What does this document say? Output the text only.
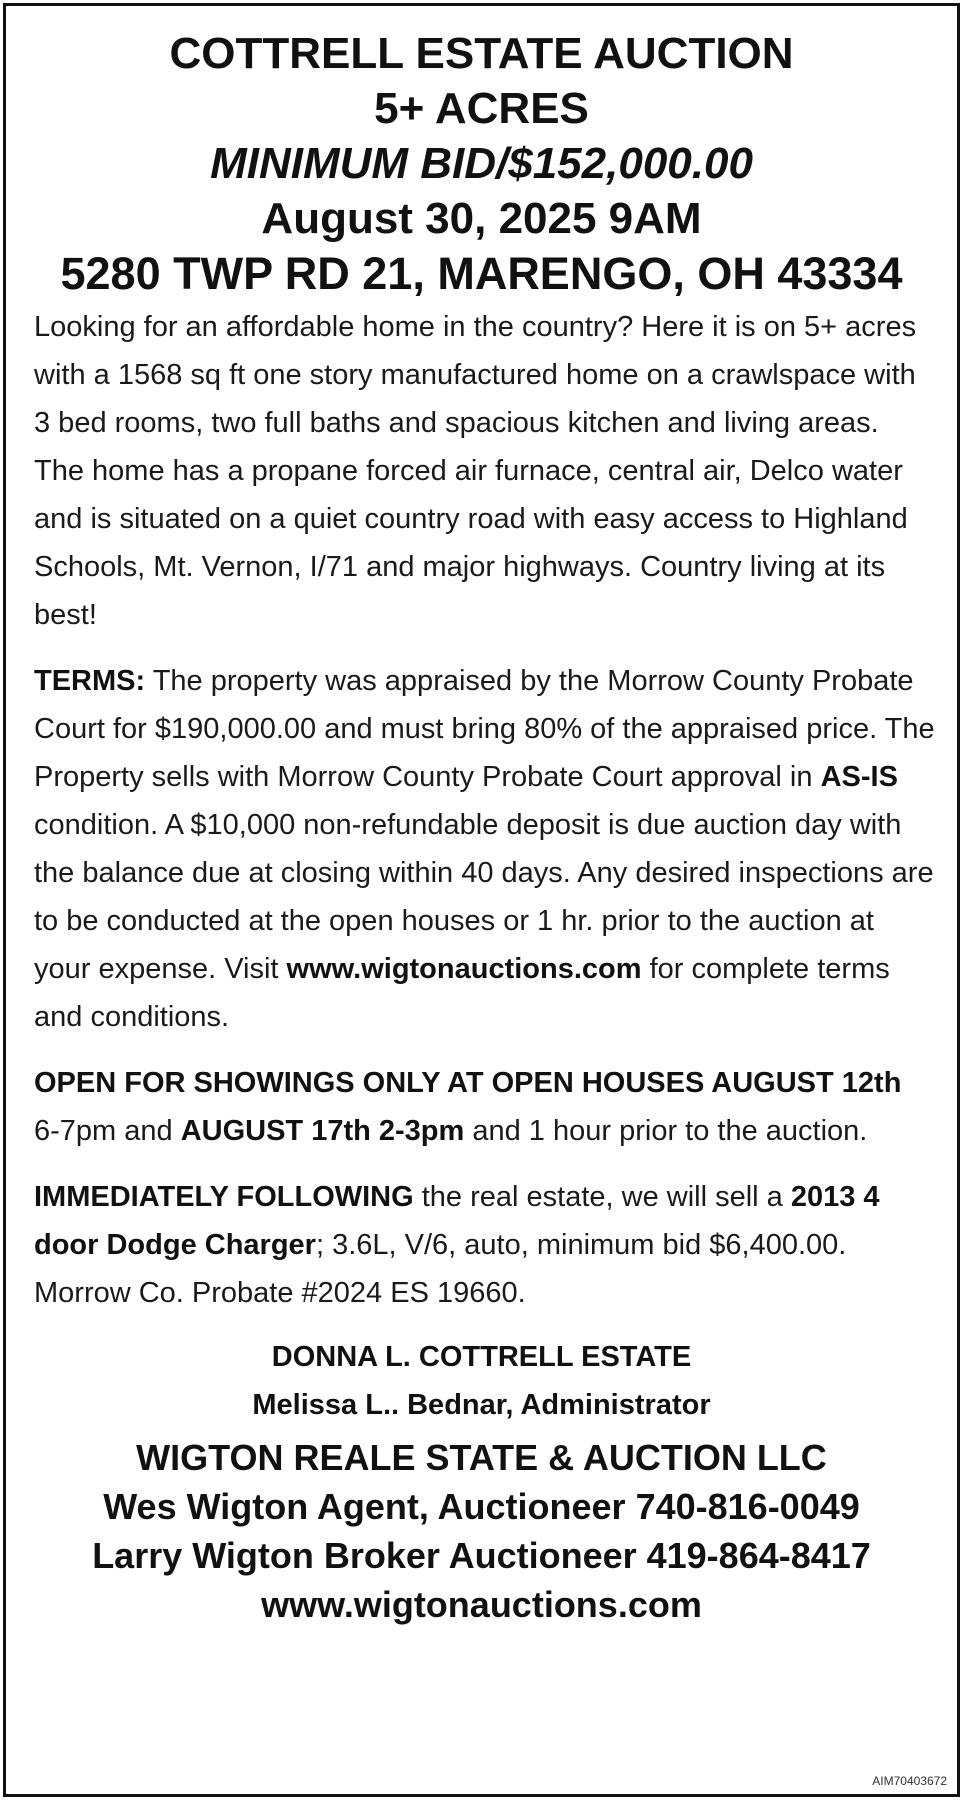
COTTRELL ESTATE AUCTION
5+ ACRES
MINIMUM BID/$152,000.00
August 30, 2025 9AM
5280 TWP RD 21, MARENGO, OH 43334

Looking for an affordable home in the country? Here it is on 5+ acres with a 1568 sq ft one story manufactured home on a crawlspace with 3 bed rooms, two full baths and spacious kitchen and living areas. The home has a propane forced air furnace, central air, Delco water and is situated on a quiet country road with easy access to Highland Schools, Mt. Vernon, I/71 and major highways. Country living at its best!

TERMS: The property was appraised by the Morrow County Probate Court for $190,000.00 and must bring 80% of the appraised price. The Property sells with Morrow County Probate Court approval in AS-IS condition. A $10,000 non-refundable deposit is due auction day with the balance due at closing within 40 days. Any desired inspections are to be conducted at the open houses or 1 hr. prior to the auction at your expense. Visit www.wigtonauctions.com for complete terms and conditions.

OPEN FOR SHOWINGS ONLY AT OPEN HOUSES AUGUST 12th 6-7pm and AUGUST 17th 2-3pm and 1 hour prior to the auction.

IMMEDIATELY FOLLOWING the real estate, we will sell a 2013 4 door Dodge Charger; 3.6L, V/6, auto, minimum bid $6,400.00. Morrow Co. Probate #2024 ES 19660.

DONNA L. COTTRELL ESTATE
Melissa L.. Bednar, Administrator
WIGTON REALE STATE & AUCTION LLC
Wes Wigton Agent, Auctioneer 740-816-0049
Larry Wigton Broker Auctioneer 419-864-8417
www.wigtonauctions.com
AIM70403672
